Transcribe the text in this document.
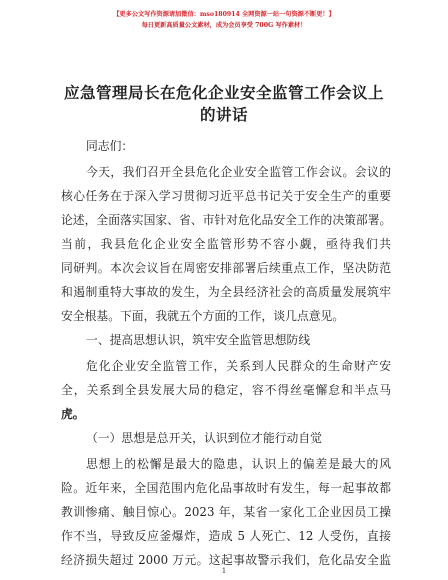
【更多公文写作资源请加微信：mso180914 全网资源一站一句资源不断更！】
每日更新高质量公文素材，成为会员享受 700G 写作素材！
应急管理局长在危化企业安全监管工作会议上
的讲话
同志们：
今天，我们召开全县危化企业安全监管工作会议。会议的
核心任务在于深入学习贯彻习近平总书记关于安全生产的重要
论述，全面落实国家、省、市针对危化品安全工作的决策部署。
当前，我县危化企业安全监管形势不容小觑，亟待我们共
同研判。本次会议旨在周密安排部署后续重点工作，坚决防范
和遏制重特大事故的发生，为全县经济社会的高质量发展筑牢
安全根基。下面，我就五个方面的工作，谈几点意见。
一、提高思想认识，筑牢安全监管思想防线
危化企业安全监管工作，关系到人民群众的生命财产安
全，关系到全县发展大局的稳定，容不得丝毫懈怠和半点马
虎。
（一）思想是总开关，认识到位才能行动自觉
思想上的松懈是最大的隐患，认识上的偏差是最大的风
险。近年来，全国范围内危化品事故时有发生，每一起事故都
教训惨痛、触目惊心。2023 年，某省一家化工企业因员工操
作不当，导致反应釜爆炸，造成 5 人死亡、12 人受伤，直接
经济损失超过 2000 万元。这起事故警示我们，危化品安全监
1
